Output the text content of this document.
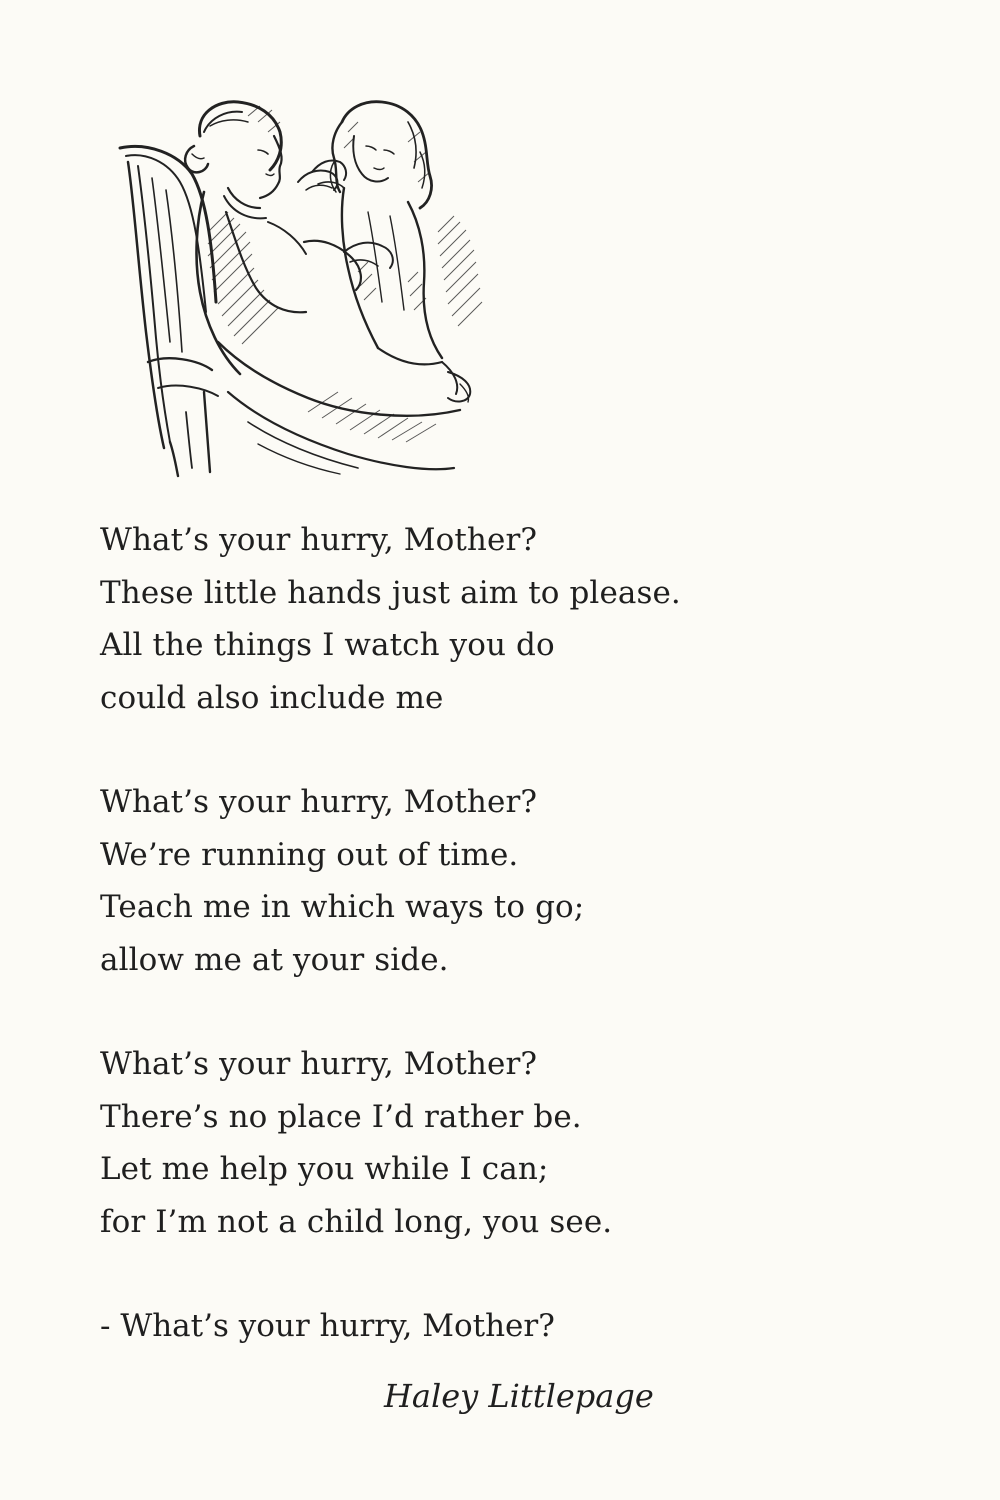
What’s your hurry, Mother?
These little hands just aim to please.
All the things I watch you do
could also include me
What’s your hurry, Mother?
We’re running out of time.
Teach me in which ways to go;
allow me at your side.
What’s your hurry, Mother?
There’s no place I’d rather be.
Let me help you while I can;
for I’m not a child long, you see.
- What’s your hurry, Mother?
Haley Littlepage
